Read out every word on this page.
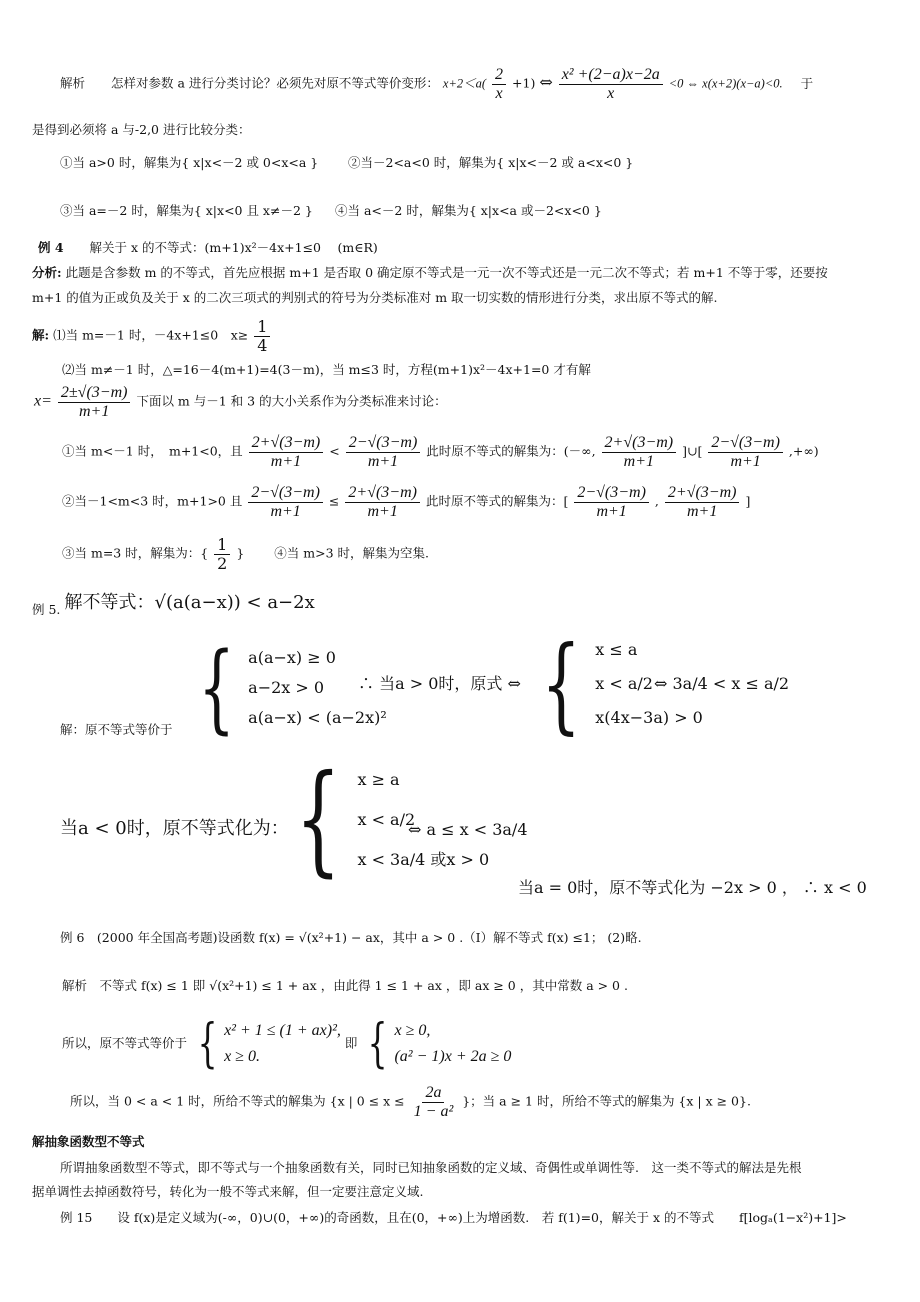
解析 怎样对参数 a 进行分类讨论？必须先对原不等式等价变形： $x+2<a( \frac{2}{x} +1)$ ⇔ $\frac{\text{x² +(2−a)x−2a}}{x} <0$ ⇔ x(x+2)(x−a)<0. 于
是得到必须将 a 与-2,0 进行比较分类：
①当 a>0 时，解集为{ x|x<－2 或 0<x<a } ②当－2<a<0 时，解集为{ x|x<－2 或 a<x<0 }
③当 a=－2 时，解集为{ x|x<0 且 x≠－2 } ④当 a<－2 时，解集为{ x|x<a 或－2<x<0 }
例 4 解关于 x 的不等式：(m+1)x²－4x+1≤0　 (m∈R)
分析: 此题是含参数 m 的不等式，首先应根据 m+1 是否取 0 确定原不等式是一元一次不等式还是一元二次不等式；若 m+1 不等于零，还要按
m+1 的值为正或负及关于 x 的二次三项式的判别式的符号为分类标准对 m 取一切实数的情形进行分类，求出原不等式的解.
解: ⑴当 m=－1 时，－4x+1≤0　$x\ge \frac{1}{4}$
⑵当 m≠－1 时，△=16－4(m+1)=4(3－m)，当 m≤3 时，方程(m+1)x²－4x+1=0 才有解
$x= \frac{2\pm√(3-m)}{m+1}$ 下面以 m 与－1 和 3 的大小关系作为分类标准来讨论：
①当 m<－1 时，　m+1<0，且 $\frac{2+√(3-m)}{m+1} < \frac{2-√(3-m)}{m+1}$ 此时原不等式的解集为：(－∞, $\frac{2+√(3-m)}{m+1}$ ]∪[ $\frac{2-√(3-m)}{m+1}$ ,+∞)
②当－1<m<3 时，m+1>0 且 $\frac{2-√(3-m)}{m+1} \le \frac{2+√(3-m)}{m+1}$ 此时原不等式的解集为：[ $\frac{2-√(3-m)}{m+1}$ , $\frac{2+√(3-m)}{m+1}$ ]
③当 m=3 时，解集为：{ $\frac{1}{2}$ } ④当 m>3 时，解集为空集.
例 5. 解不等式：√(a(a−x)) < a−2x
解：原不等式等价于 { a(a−x) ≥ 0
a−2x > 0
a(a−x) < (a−2x)²
∴ 当a > 0时，原式 ⇔ { x ≤ a
x < a/2
x(4x−3a) > 0
⇔ 3a/4 < x ≤ a/2
当a < 0时，原不等式化为： { x ≥ a
x < a/2
x < 3a/4 或x > 0
⇔ a ≤ x < 3a/4
当a = 0时，原不等式化为 −2x > 0 ， ∴ x < 0
例 6　(2000 年全国高考题)设函数 f(x) = √(x²+1) − ax，其中 a > 0 .（Ⅰ）解不等式 f(x) ≤1； (2)略.
解析　不等式 f(x) ≤ 1 即 √(x²+1) ≤ 1 + ax ，由此得 1 ≤ 1 + ax ，即 ax ≥ 0 ，其中常数 a > 0 .
所以，原不等式等价于 { x² + 1 ≤ (1 + ax)²,
x ≥ 0.
即 { x ≥ 0,
(a² − 1)x + 2a ≥ 0
所以，当 0 < a < 1 时，所给不等式的解集为 {x | $0 \le x \le \frac{2a}{\text{1 − a²}}$ }；当 a ≥ 1 时，所给不等式的解集为 {x | x ≥ 0}.
解抽象函数型不等式
所谓抽象函数型不等式，即不等式与一个抽象函数有关，同时已知抽象函数的定义域、奇偶性或单调性等.　这一类不等式的解法是先根
据单调性去掉函数符号，转化为一般不等式来解，但一定要注意定义域.
例 15　　设 f(x)是定义域为(-∞，0)∪(0，+∞)的奇函数，且在(0，+∞)上为增函数.　若 f(1)=0，解关于 x 的不等式　　f[logₐ(1−x²)+1]>
